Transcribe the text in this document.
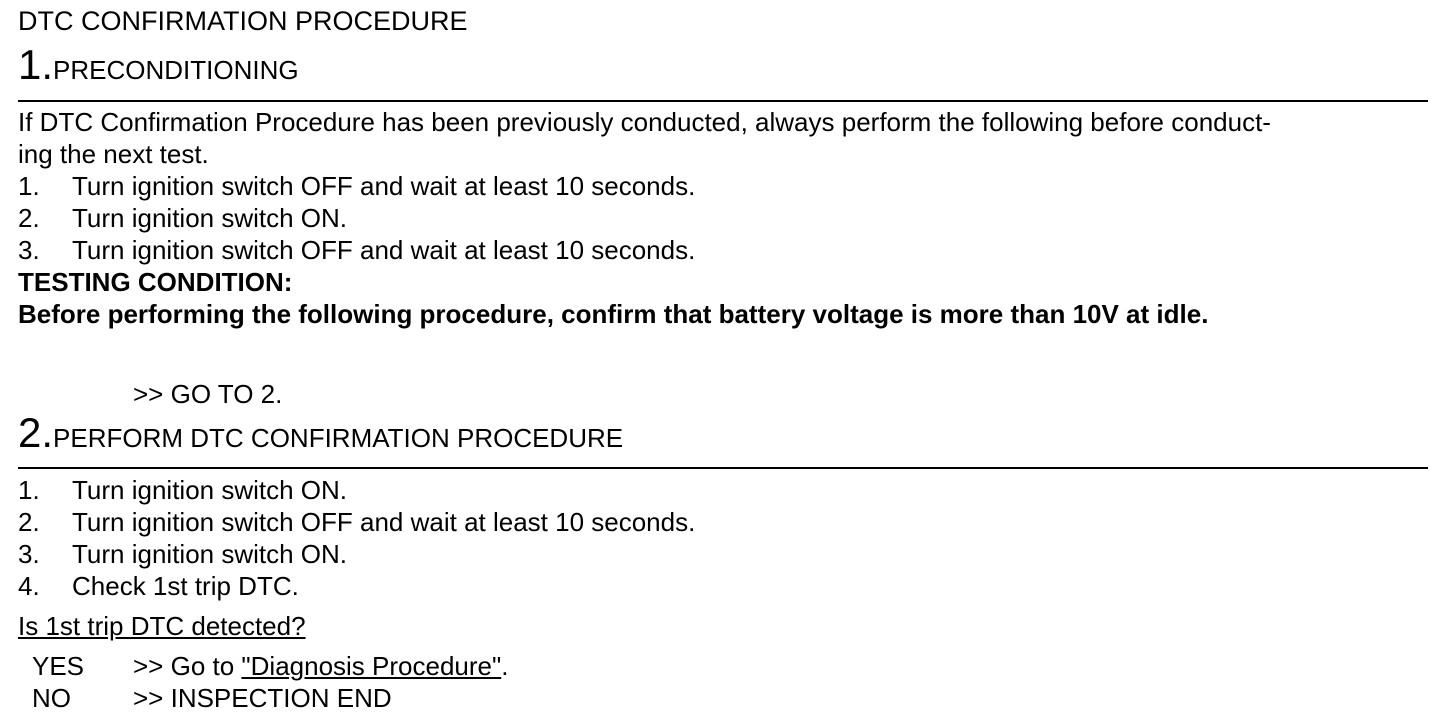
DTC CONFIRMATION PROCEDURE
1.PRECONDITIONING
If DTC Confirmation Procedure has been previously conducted, always perform the following before conduct-
ing the next test.
1. Turn ignition switch OFF and wait at least 10 seconds.
2. Turn ignition switch ON.
3. Turn ignition switch OFF and wait at least 10 seconds.
TESTING CONDITION:
Before performing the following procedure, confirm that battery voltage is more than 10V at idle.
>> GO TO 2.
2.PERFORM DTC CONFIRMATION PROCEDURE
1. Turn ignition switch ON.
2. Turn ignition switch OFF and wait at least 10 seconds.
3. Turn ignition switch ON.
4. Check 1st trip DTC.
Is 1st trip DTC detected?
YES >> Go to "Diagnosis Procedure".
NO >> INSPECTION END
